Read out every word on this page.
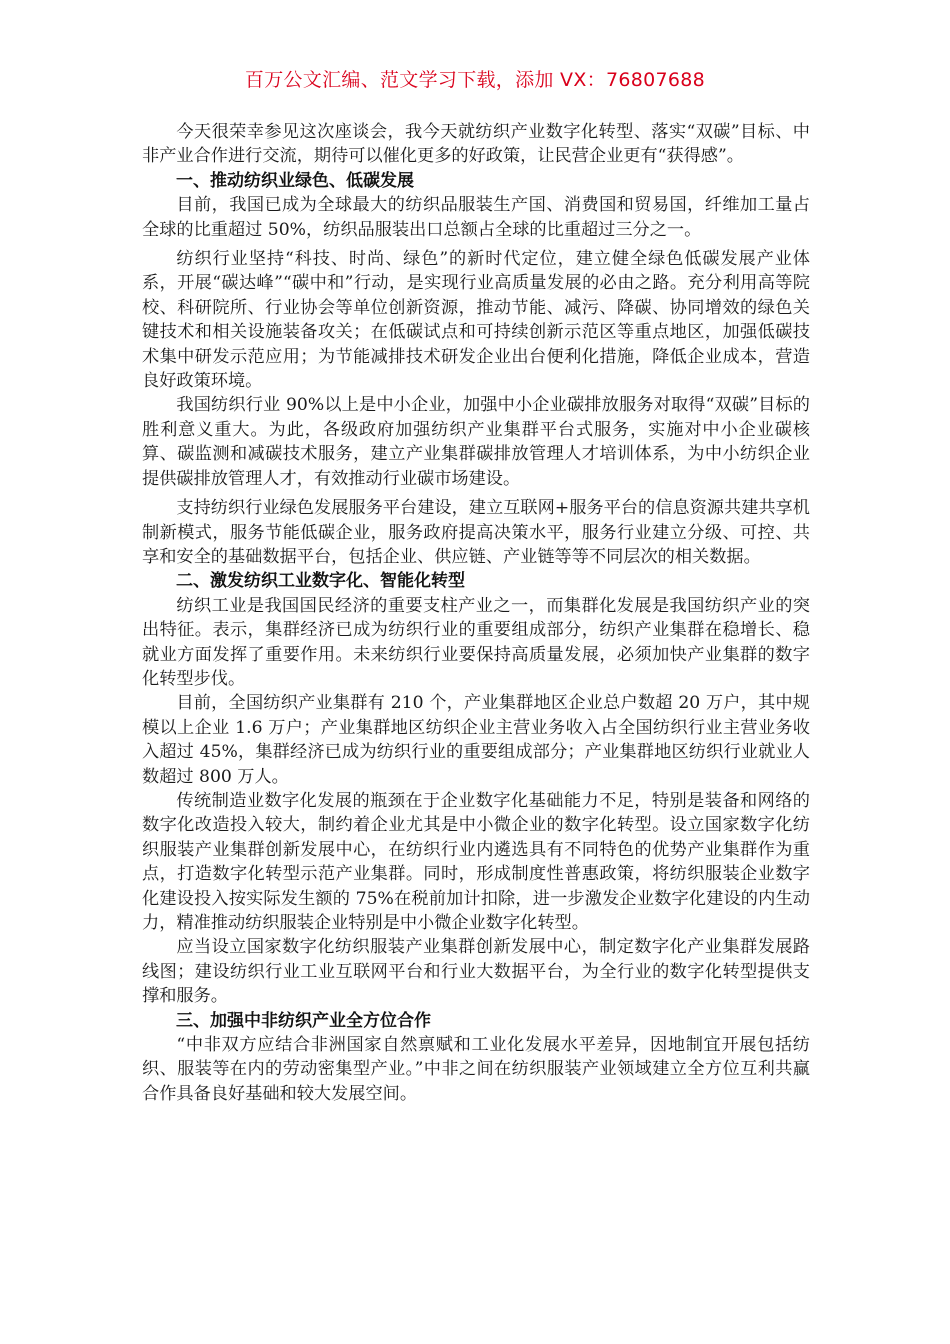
百万公文汇编、范文学习下载，添加 VX：76807688

今天很荣幸参见这次座谈会，我今天就纺织产业数字化转型、落实“双碳”目标、中非产业合作进行交流，期待可以催化更多的好政策，让民营企业更有“获得感”。

一、推动纺织业绿色、低碳发展

目前，我国已成为全球最大的纺织品服装生产国、消费国和贸易国，纤维加工量占全球的比重超过 50%，纺织品服装出口总额占全球的比重超过三分之一。

纺织行业坚持“科技、时尚、绿色”的新时代定位，建立健全绿色低碳发展产业体系，开展“碳达峰”“碳中和”行动，是实现行业高质量发展的必由之路。充分利用高等院校、科研院所、行业协会等单位创新资源，推动节能、减污、降碳、协同增效的绿色关键技术和相关设施装备攻关；在低碳试点和可持续创新示范区等重点地区，加强低碳技术集中研发示范应用；为节能减排技术研发企业出台便利化措施，降低企业成本，营造良好政策环境。

我国纺织行业 90%以上是中小企业，加强中小企业碳排放服务对取得“双碳”目标的胜利意义重大。为此，各级政府加强纺织产业集群平台式服务，实施对中小企业碳核算、碳监测和减碳技术服务，建立产业集群碳排放管理人才培训体系，为中小纺织企业提供碳排放管理人才，有效推动行业碳市场建设。

支持纺织行业绿色发展服务平台建设，建立互联网+服务平台的信息资源共建共享机制新模式，服务节能低碳企业，服务政府提高决策水平，服务行业建立分级、可控、共享和安全的基础数据平台，包括企业、供应链、产业链等等不同层次的相关数据。

二、激发纺织工业数字化、智能化转型

纺织工业是我国国民经济的重要支柱产业之一，而集群化发展是我国纺织产业的突出特征。表示，集群经济已成为纺织行业的重要组成部分，纺织产业集群在稳增长、稳就业方面发挥了重要作用。未来纺织行业要保持高质量发展，必须加快产业集群的数字化转型步伐。

目前，全国纺织产业集群有 210 个，产业集群地区企业总户数超 20 万户，其中规模以上企业 1.6 万户；产业集群地区纺织企业主营业务收入占全国纺织行业主营业务收入超过 45%，集群经济已成为纺织行业的重要组成部分；产业集群地区纺织行业就业人数超过 800 万人。

传统制造业数字化发展的瓶颈在于企业数字化基础能力不足，特别是装备和网络的数字化改造投入较大，制约着企业尤其是中小微企业的数字化转型。设立国家数字化纺织服装产业集群创新发展中心，在纺织行业内遴选具有不同特色的优势产业集群作为重点，打造数字化转型示范产业集群。同时，形成制度性普惠政策，将纺织服装企业数字化建设投入按实际发生额的 75%在税前加计扣除，进一步激发企业数字化建设的内生动力，精准推动纺织服装企业特别是中小微企业数字化转型。

应当设立国家数字化纺织服装产业集群创新发展中心，制定数字化产业集群发展路线图；建设纺织行业工业互联网平台和行业大数据平台，为全行业的数字化转型提供支撑和服务。

三、加强中非纺织产业全方位合作

“中非双方应结合非洲国家自然禀赋和工业化发展水平差异，因地制宜开展包括纺织、服装等在内的劳动密集型产业。”中非之间在纺织服装产业领域建立全方位互利共赢合作具备良好基础和较大发展空间。
